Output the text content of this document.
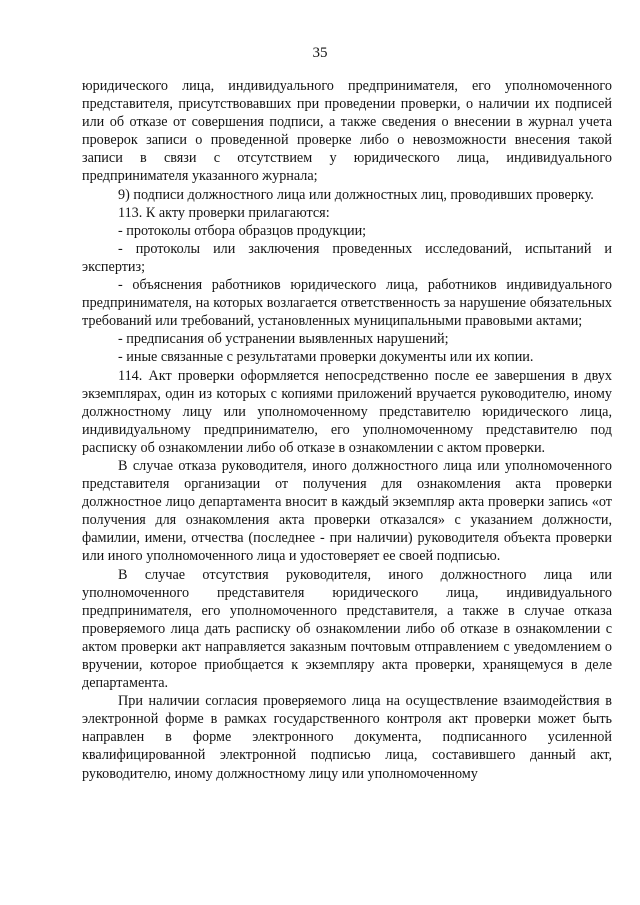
35

юридического лица, индивидуального предпринимателя, его уполномоченного представителя, присутствовавших при проведении проверки, о наличии их подписей или об отказе от совершения подписи, а также сведения о внесении в журнал учета проверок записи о проведенной проверке либо о невозможности внесения такой записи в связи с отсутствием у юридического лица, индивидуального предпринимателя указанного журнала;

9) подписи должностного лица или должностных лиц, проводивших проверку.

113. К акту проверки прилагаются:

- протоколы отбора образцов продукции;

- протоколы или заключения проведенных исследований, испытаний и экспертиз;

- объяснения работников юридического лица, работников индивидуального предпринимателя, на которых возлагается ответственность за нарушение обязательных требований или требований, установленных муниципальными правовыми актами;

- предписания об устранении выявленных нарушений;

- иные связанные с результатами проверки документы или их копии.

114. Акт проверки оформляется непосредственно после ее завершения в двух экземплярах, один из которых с копиями приложений вручается руководителю, иному должностному лицу или уполномоченному представителю юридического лица, индивидуальному предпринимателю, его уполномоченному представителю под расписку об ознакомлении либо об отказе в ознакомлении с актом проверки.

В случае отказа руководителя, иного должностного лица или уполномоченного представителя организации от получения для ознакомления акта проверки должностное лицо департамента вносит в каждый экземпляр акта проверки запись «от получения для ознакомления акта проверки отказался» с указанием должности, фамилии, имени, отчества (последнее - при наличии) руководителя объекта проверки или иного уполномоченного лица и удостоверяет ее своей подписью.

В случае отсутствия руководителя, иного должностного лица или уполномоченного представителя юридического лица, индивидуального предпринимателя, его уполномоченного представителя, а также в случае отказа проверяемого лица дать расписку об ознакомлении либо об отказе в ознакомлении с актом проверки акт направляется заказным почтовым отправлением с уведомлением о вручении, которое приобщается к экземпляру акта проверки, хранящемуся в деле департамента.

При наличии согласия проверяемого лица на осуществление взаимодействия в электронной форме в рамках государственного контроля акт проверки может быть направлен в форме электронного документа, подписанного усиленной квалифицированной электронной подписью лица, составившего данный акт, руководителю, иному должностному лицу или уполномоченному
